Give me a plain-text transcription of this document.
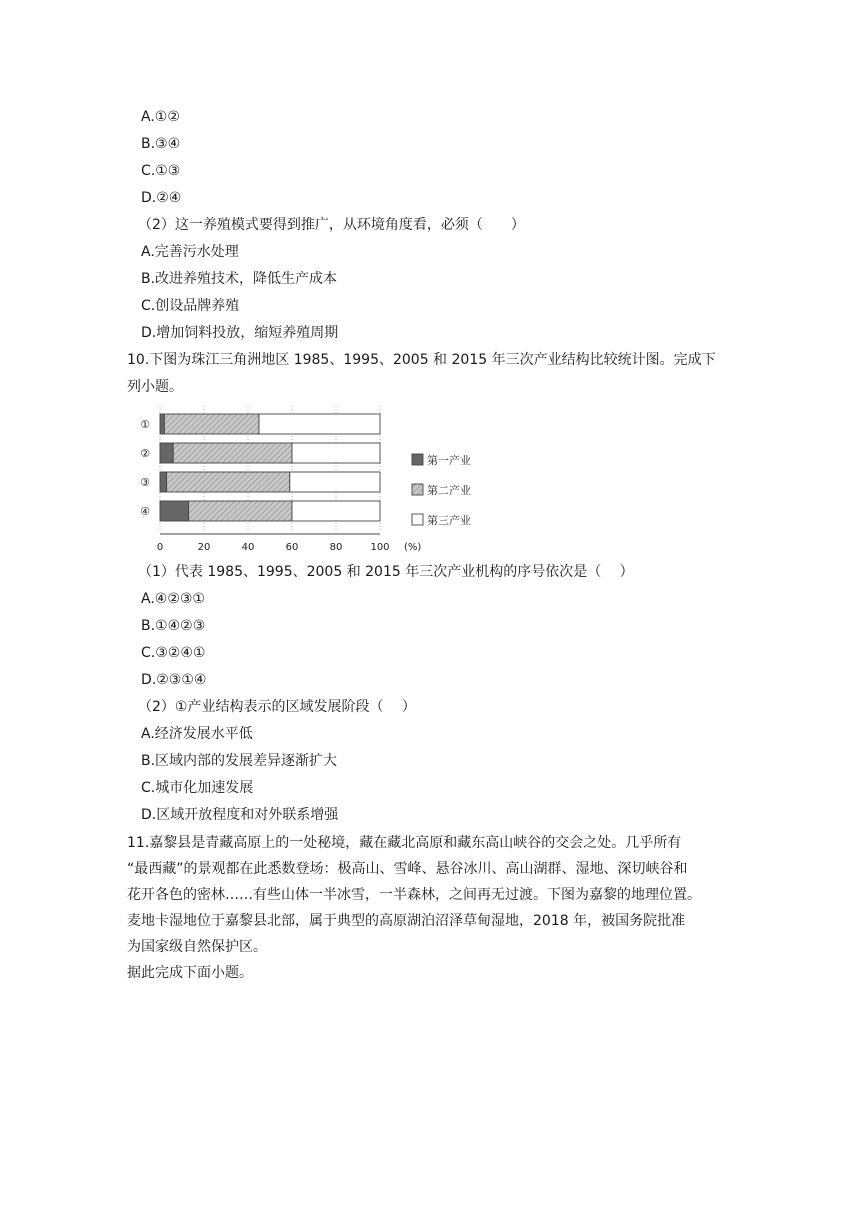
A.①②
B.③④
C.①③
D.②④
（2）这一养殖模式要得到推广，从环境角度看，必须（　　）
A.完善污水处理
B.改进养殖技术，降低生产成本
C.创设品牌养殖
D.增加饲料投放，缩短养殖周期
10.下图为珠江三角洲地区 1985、1995、2005 和 2015 年三次产业结构比较统计图。完成下
列小题。
①
②
③
④
0	20	40	60	80	100 (%)
第一产业
第二产业
第三产业
（1）代表 1985、1995、2005 和 2015 年三次产业机构的序号依次是（　 ）
A.④②③①
B.①④②③
C.③②④①
D.②③①④
（2）①产业结构表示的区域发展阶段（　 ）
A.经济发展水平低
B.区域内部的发展差异逐渐扩大
C.城市化加速发展
D.区域开放程度和对外联系增强
11.嘉黎县是青藏高原上的一处秘境，藏在藏北高原和藏东高山峡谷的交会之处。几乎所有
“最西藏”的景观都在此悉数登场：极高山、雪峰、悬谷冰川、高山湖群、湿地、深切峡谷和
花开各色的密林……有些山体一半冰雪，一半森林，之间再无过渡。下图为嘉黎的地理位置。
麦地卡湿地位于嘉黎县北部，属于典型的高原湖泊沼泽草甸湿地，2018 年，被国务院批准
为国家级自然保护区。
据此完成下面小题。
